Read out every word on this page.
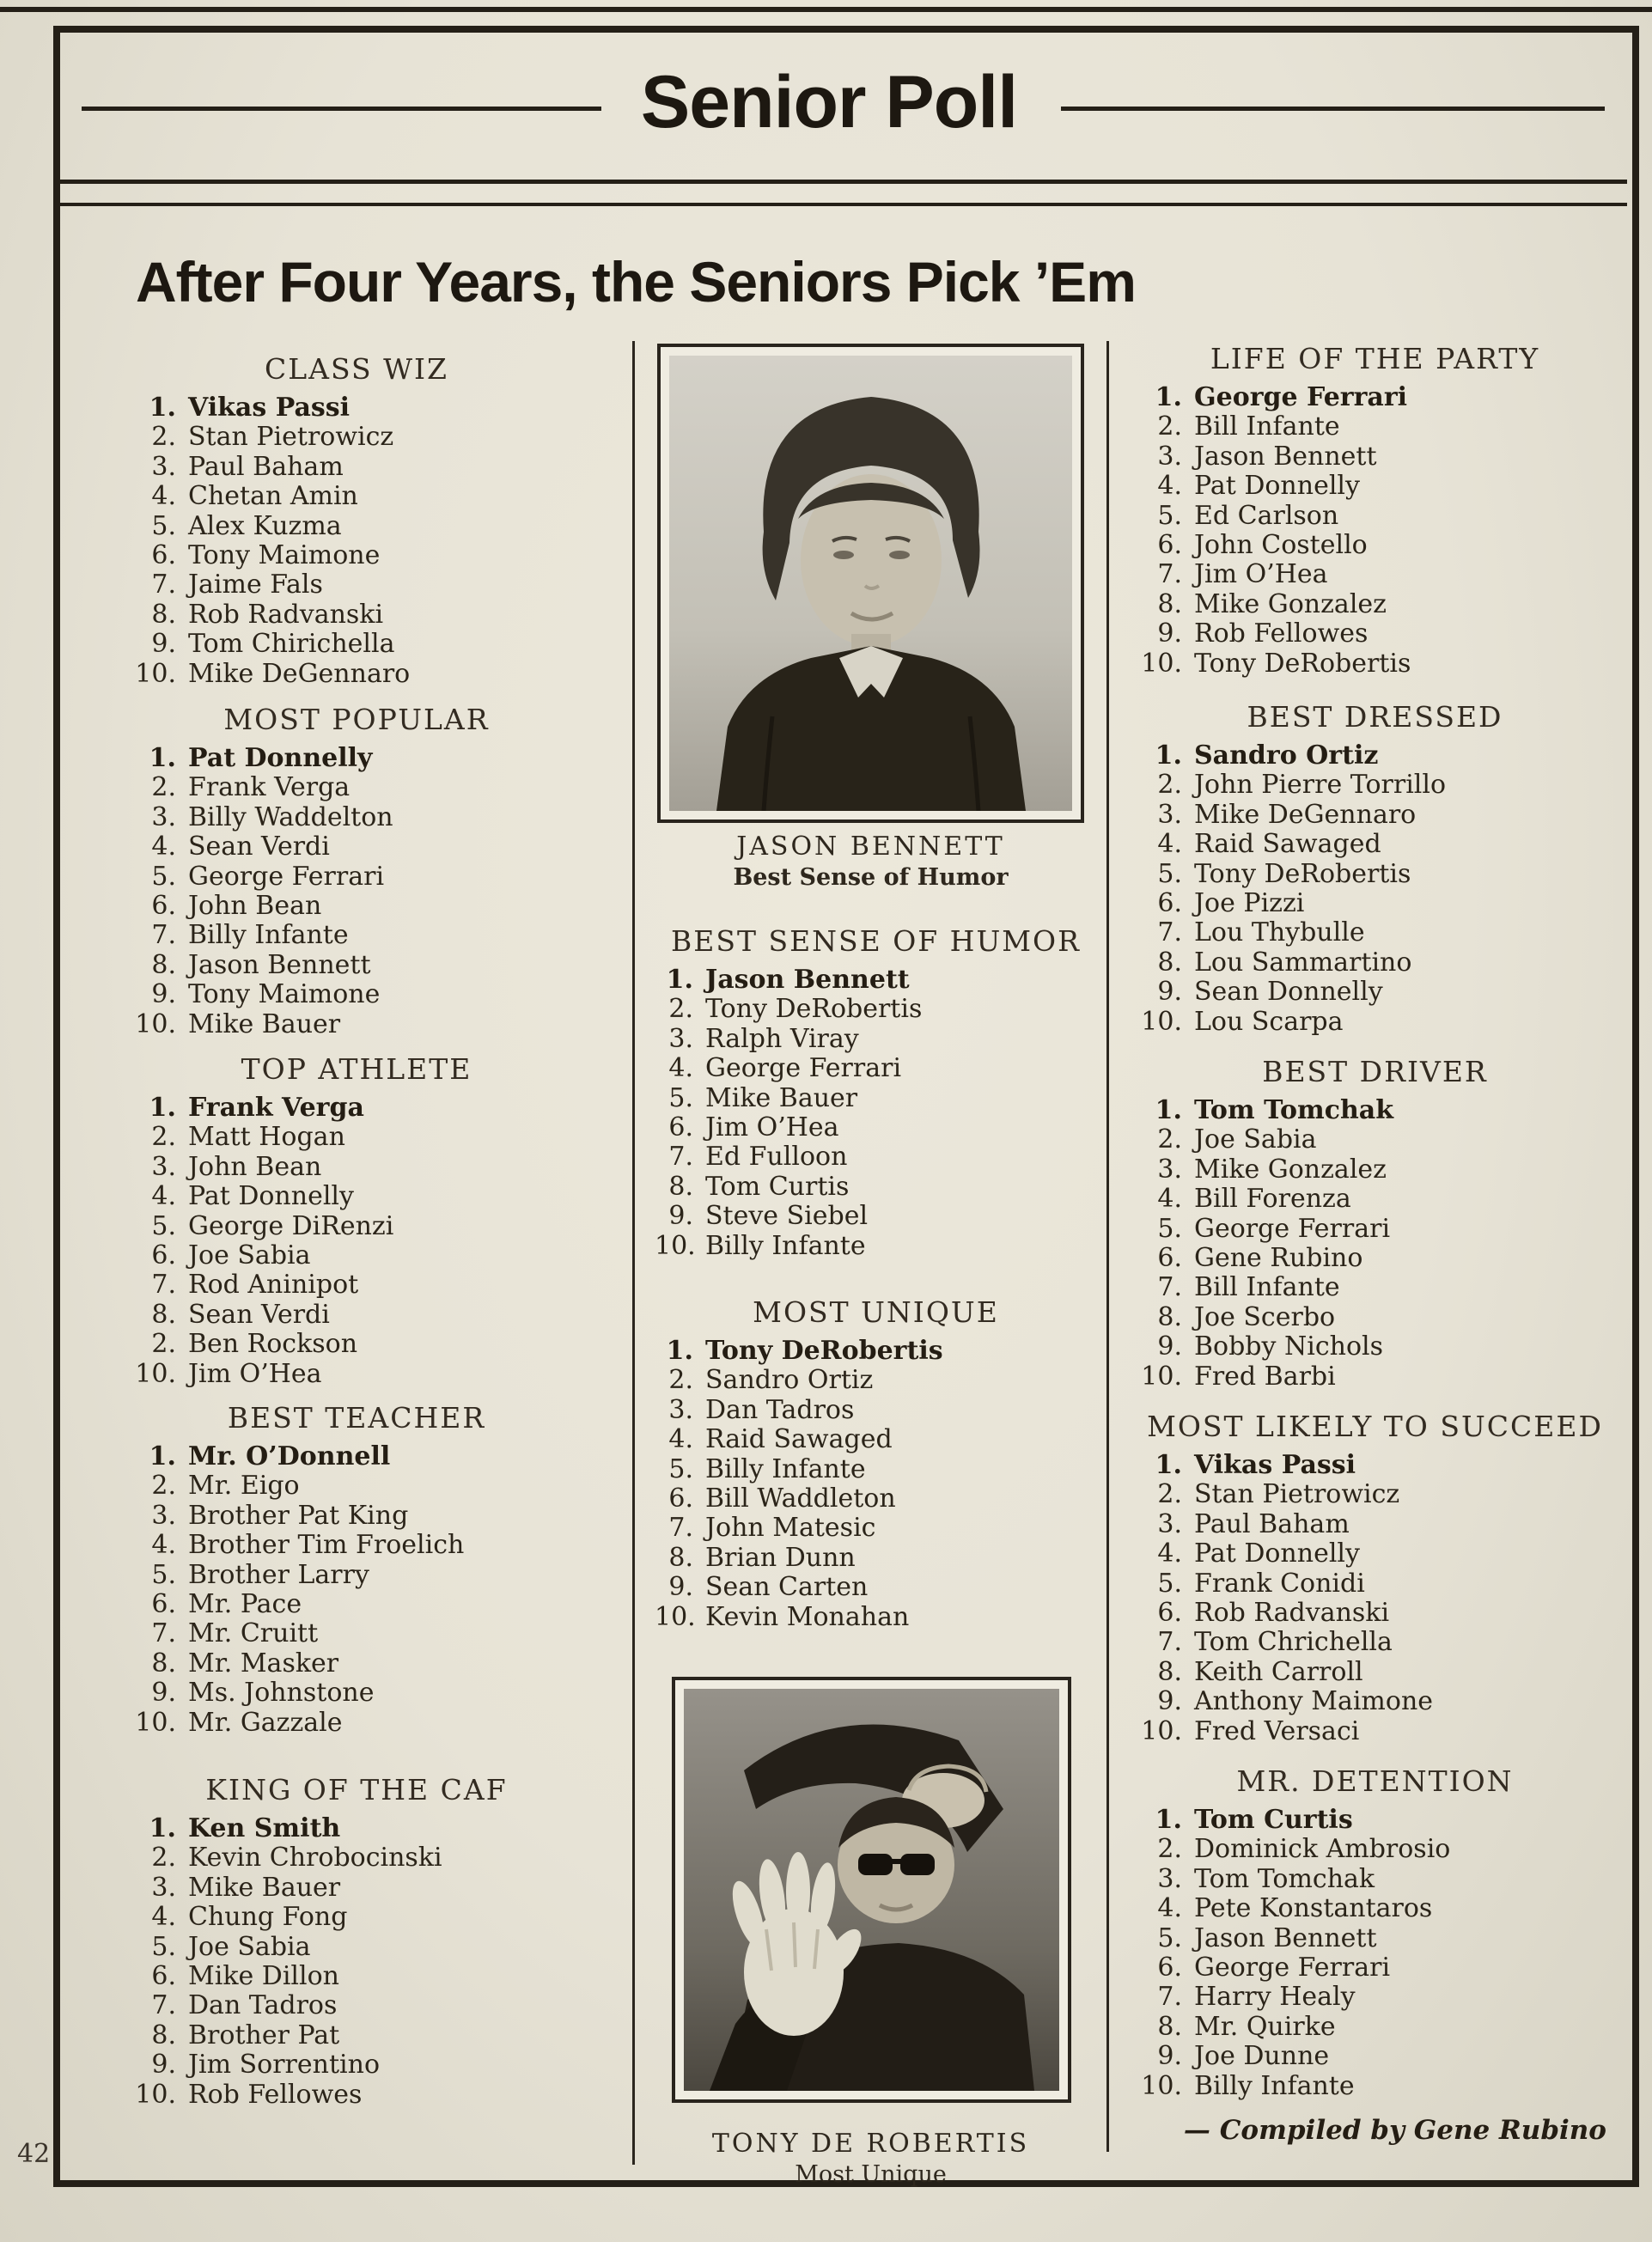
Senior Poll
After Four Years, the Seniors Pick ’Em
CLASS WIZ
1. Vikas Passi
2. Stan Pietrowicz
3. Paul Baham
4. Chetan Amin
5. Alex Kuzma
6. Tony Maimone
7. Jaime Fals
8. Rob Radvanski
9. Tom Chirichella
10. Mike DeGennaro
MOST POPULAR
1. Pat Donnelly
2. Frank Verga
3. Billy Waddelton
4. Sean Verdi
5. George Ferrari
6. John Bean
7. Billy Infante
8. Jason Bennett
9. Tony Maimone
10. Mike Bauer
TOP ATHLETE
1. Frank Verga
2. Matt Hogan
3. John Bean
4. Pat Donnelly
5. George DiRenzi
6. Joe Sabia
7. Rod Aninipot
8. Sean Verdi
2. Ben Rockson
10. Jim O’Hea
BEST TEACHER
1. Mr. O’Donnell
2. Mr. Eigo
3. Brother Pat King
4. Brother Tim Froelich
5. Brother Larry
6. Mr. Pace
7. Mr. Cruitt
8. Mr. Masker
9. Ms. Johnstone
10. Mr. Gazzale
KING OF THE CAF
1. Ken Smith
2. Kevin Chrobocinski
3. Mike Bauer
4. Chung Fong
5. Joe Sabia
6. Mike Dillon
7. Dan Tadros
8. Brother Pat
9. Jim Sorrentino
10. Rob Fellowes
JASON BENNETT
Best Sense of Humor
BEST SENSE OF HUMOR
1. Jason Bennett
2. Tony DeRobertis
3. Ralph Viray
4. George Ferrari
5. Mike Bauer
6. Jim O’Hea
7. Ed Fulloon
8. Tom Curtis
9. Steve Siebel
10. Billy Infante
MOST UNIQUE
1. Tony DeRobertis
2. Sandro Ortiz
3. Dan Tadros
4. Raid Sawaged
5. Billy Infante
6. Bill Waddleton
7. John Matesic
8. Brian Dunn
9. Sean Carten
10. Kevin Monahan
TONY DE ROBERTIS
Most Unique
LIFE OF THE PARTY
1. George Ferrari
2. Bill Infante
3. Jason Bennett
4. Pat Donnelly
5. Ed Carlson
6. John Costello
7. Jim O’Hea
8. Mike Gonzalez
9. Rob Fellowes
10. Tony DeRobertis
BEST DRESSED
1. Sandro Ortiz
2. John Pierre Torrillo
3. Mike DeGennaro
4. Raid Sawaged
5. Tony DeRobertis
6. Joe Pizzi
7. Lou Thybulle
8. Lou Sammartino
9. Sean Donnelly
10. Lou Scarpa
BEST DRIVER
1. Tom Tomchak
2. Joe Sabia
3. Mike Gonzalez
4. Bill Forenza
5. George Ferrari
6. Gene Rubino
7. Bill Infante
8. Joe Scerbo
9. Bobby Nichols
10. Fred Barbi
MOST LIKELY TO SUCCEED
1. Vikas Passi
2. Stan Pietrowicz
3. Paul Baham
4. Pat Donnelly
5. Frank Conidi
6. Rob Radvanski
7. Tom Chrichella
8. Keith Carroll
9. Anthony Maimone
10. Fred Versaci
MR. DETENTION
1. Tom Curtis
2. Dominick Ambrosio
3. Tom Tomchak
4. Pete Konstantaros
5. Jason Bennett
6. George Ferrari
7. Harry Healy
8. Mr. Quirke
9. Joe Dunne
10. Billy Infante
— Compiled by Gene Rubino
42
